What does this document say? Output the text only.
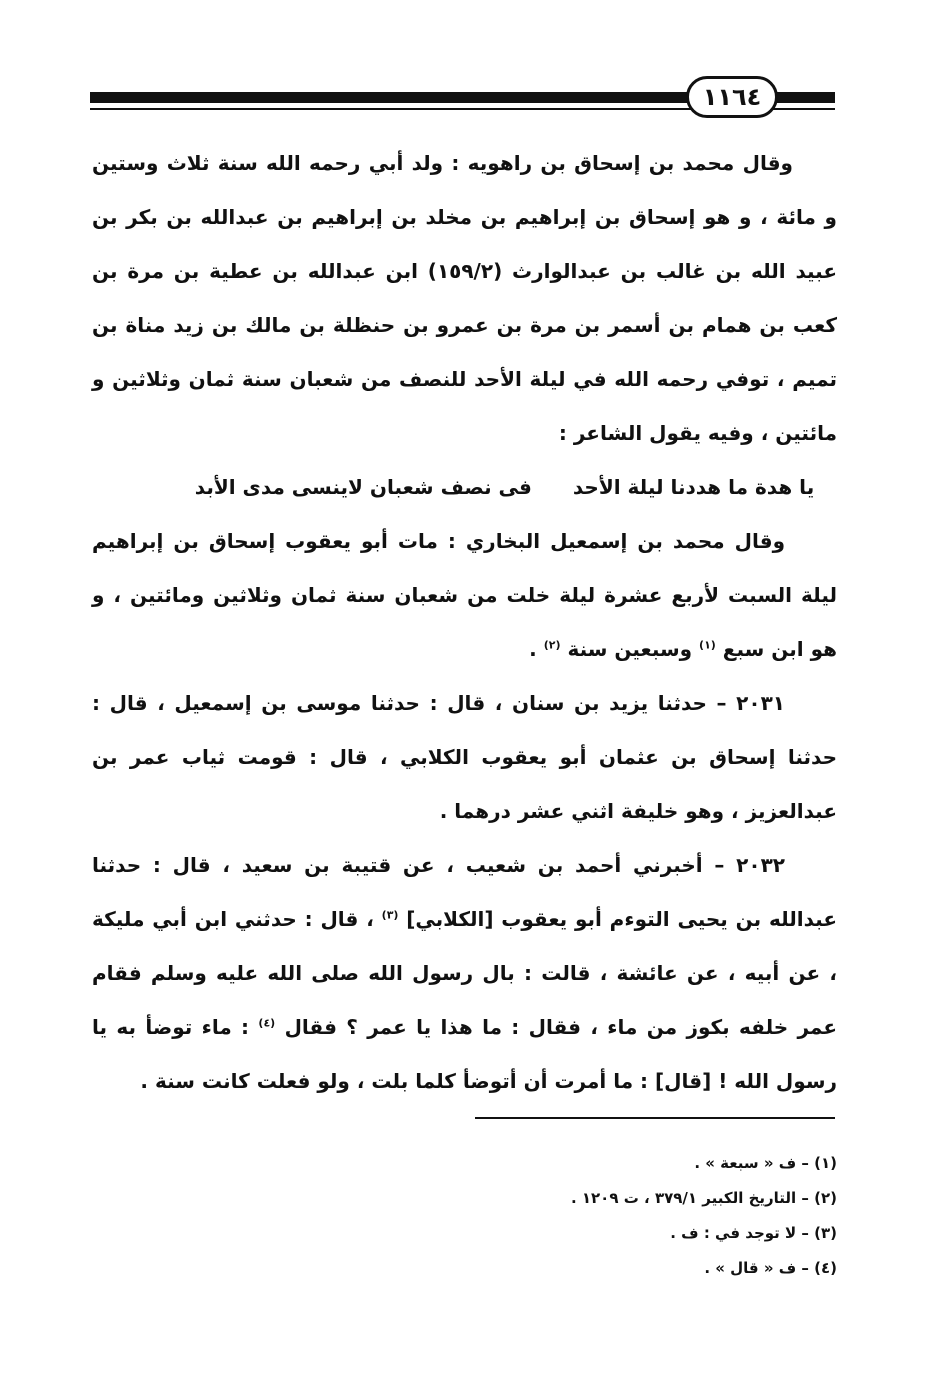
١١٦٤

وقال محمد بن إسحاق بن راهويه : ولد أبي رحمه الله سنة ثلاث وستين و مائة ، و هو إسحاق بن إبراهيم بن مخلد بن إبراهيم بن عبدالله بن بكر بن عبيد الله بن غالب بن عبدالوارث (١٥٩/٢) ابن عبدالله بن عطية بن مرة بن كعب بن همام بن أسمر بن مرة بن عمرو بن حنظلة بن مالك بن زيد مناة بن تميم ، توفي رحمه الله في ليلة الأحد للنصف من شعبان سنة ثمان وثلاثين و مائتين ، وفيه يقول الشاعر :

يا هدة ما هددنا ليلة الأحد فى نصف شعبان لاينسى مدى الأبد

وقال محمد بن إسمعيل البخاري : مات أبو يعقوب إسحاق بن إبراهيم ليلة السبت لأربع عشرة ليلة خلت من شعبان سنة ثمان وثلاثين ومائتين ، و هو ابن سبع $^{(١)}$ وسبعين سنة $^{(٢)}$ .

٢٠٣١ – حدثنا يزيد بن سنان ، قال : حدثنا موسى بن إسمعيل ، قال : حدثنا إسحاق بن عثمان أبو يعقوب الكلابي ، قال : قومت ثياب عمر بن عبدالعزيز ، وهو خليفة اثني عشر درهما .

٢٠٣٢ – أخبرني أحمد بن شعيب ، عن قتيبة بن سعيد ، قال : حدثنا عبدالله بن يحيى التوءم أبو يعقوب [الكلابي] $^{(٣)}$ ، قال : حدثني ابن أبي مليكة ، عن أبيه ، عن عائشة ، قالت : بال رسول الله صلى الله عليه وسلم فقام عمر خلفه بكوز من ماء ، فقال : ما هذا يا عمر ؟ فقال $^{(٤)}$ : ماء توضأ به يا رسول الله ! [قال] : ما أمرت أن أتوضأ كلما بلت ، ولو فعلت كانت سنة .

(١) – ف « سبعة » .

(٢) – التاريخ الكبير ٣٧٩/١ ، ت ١٢٠٩ .

(٣) – لا توجد في : ف .

(٤) – ف « قال » .
